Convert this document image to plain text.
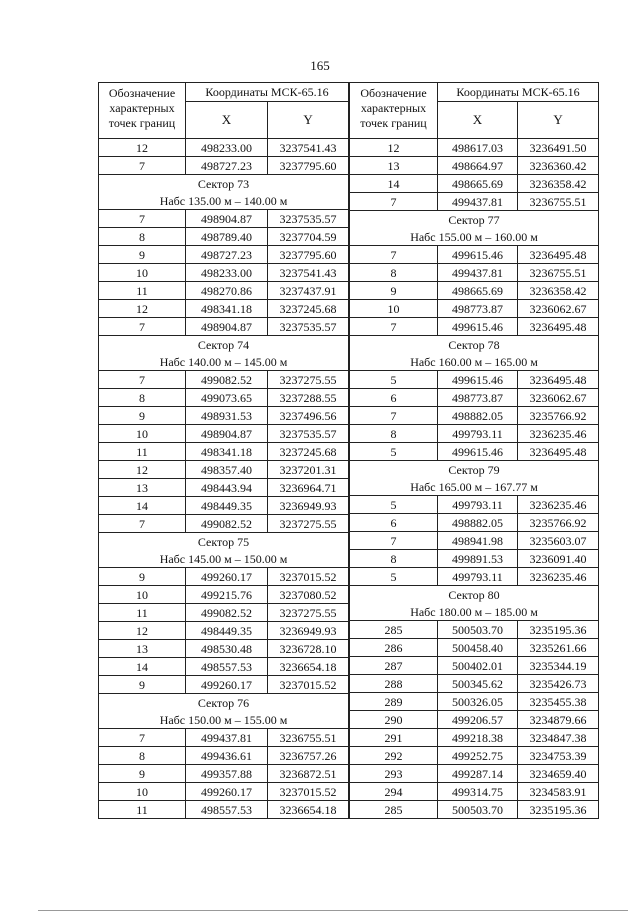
165
Обозначение
характерных
точек границ	Координаты МСК-65.16	
	X	Y
12	498233.00	3237541.43
7	498727.23	3237795.60
Сектор 73		
Набс 135.00 м – 140.00 м		
7	498904.87	3237535.57
8	498789.40	3237704.59
9	498727.23	3237795.60
10	498233.00	3237541.43
11	498270.86	3237437.91
12	498341.18	3237245.68
7	498904.87	3237535.57
Сектор 74		
Набс 140.00 м – 145.00 м		
7	499082.52	3237275.55
8	499073.65	3237288.55
9	498931.53	3237496.56
10	498904.87	3237535.57
11	498341.18	3237245.68
12	498357.40	3237201.31
13	498443.94	3236964.71
14	498449.35	3236949.93
7	499082.52	3237275.55
Сектор 75		
Набс 145.00 м – 150.00 м		
9	499260.17	3237015.52
10	499215.76	3237080.52
11	499082.52	3237275.55
12	498449.35	3236949.93
13	498530.48	3236728.10
14	498557.53	3236654.18
9	499260.17	3237015.52
Сектор 76		
Набс 150.00 м – 155.00 м		
7	499437.81	3236755.51
8	499436.61	3236757.26
9	499357.88	3236872.51
10	499260.17	3237015.52
11	498557.53	3236654.18
Обозначение
характерных
точек границ	Координаты МСК-65.16	
	X	Y
12	498617.03	3236491.50
13	498664.97	3236360.42
14	498665.69	3236358.42
7	499437.81	3236755.51
Сектор 77		
Набс 155.00 м – 160.00 м		
7	499615.46	3236495.48
8	499437.81	3236755.51
9	498665.69	3236358.42
10	498773.87	3236062.67
7	499615.46	3236495.48
Сектор 78		
Набс 160.00 м – 165.00 м		
5	499615.46	3236495.48
6	498773.87	3236062.67
7	498882.05	3235766.92
8	499793.11	3236235.46
5	499615.46	3236495.48
Сектор 79		
Набс 165.00 м – 167.77 м		
5	499793.11	3236235.46
6	498882.05	3235766.92
7	498941.98	3235603.07
8	499891.53	3236091.40
5	499793.11	3236235.46
Сектор 80		
Набс 180.00 м – 185.00 м		
285	500503.70	3235195.36
286	500458.40	3235261.66
287	500402.01	3235344.19
288	500345.62	3235426.73
289	500326.05	3235455.38
290	499206.57	3234879.66
291	499218.38	3234847.38
292	499252.75	3234753.39
293	499287.14	3234659.40
294	499314.75	3234583.91
285	500503.70	3235195.36
